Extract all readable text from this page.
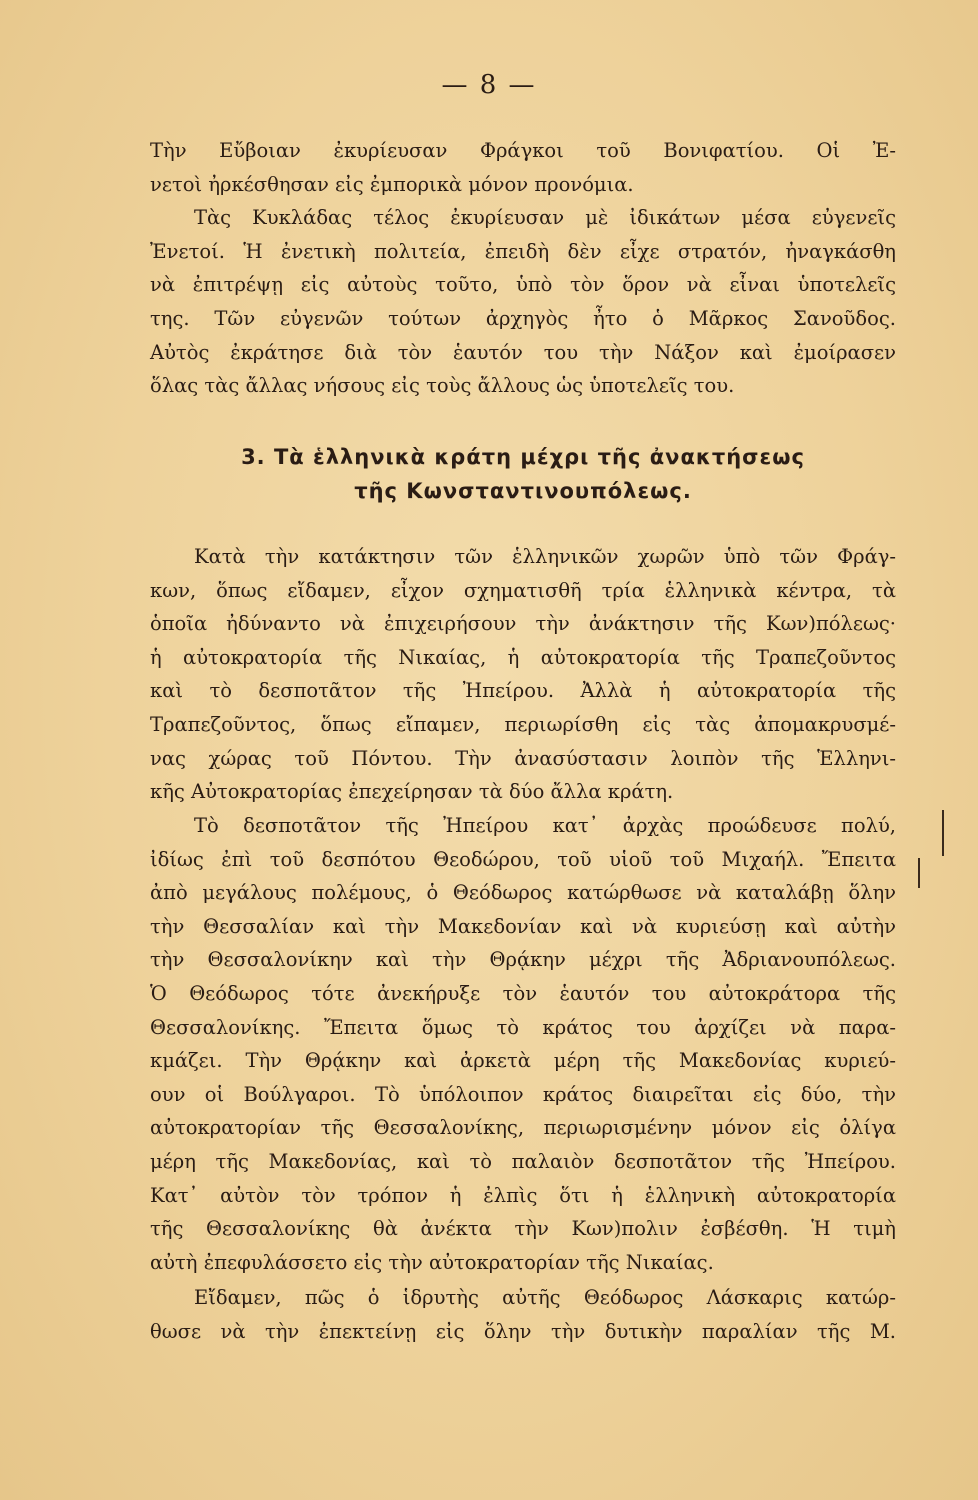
— 8 —
Τὴν Εὔβοιαν ἐκυρίευσαν Φράγκοι τοῦ Βονιφατίου. Οἱ Ἐ-
νετοὶ ἠρκέσθησαν εἰς ἐμπορικὰ μόνον προνόμια.
Τὰς Κυκλάδας τέλος ἐκυρίευσαν μὲ ἰδικάτων μέσα εὐγενεῖς
Ἐνετοί. Ἡ ἐνετικὴ πολιτεία, ἐπειδὴ δὲν εἶχε στρατόν, ἠναγκάσθη
νὰ ἐπιτρέψῃ εἰς αὐτοὺς τοῦτο, ὑπὸ τὸν ὅρον νὰ εἶναι ὑποτελεῖς
της. Τῶν εὐγενῶν τούτων ἀρχηγὸς ἦτο ὁ Μᾶρκος Σανοῦδος.
Αὐτὸς ἐκράτησε διὰ τὸν ἑαυτόν του τὴν Νάξον καὶ ἐμοίρασεν
ὅλας τὰς ἄλλας νήσους εἰς τοὺς ἄλλους ὡς ὑποτελεῖς του.
3. Τὰ ἑλληνικὰ κράτη μέχρι τῆς ἀνακτήσεως
τῆς Κωνσταντινουπόλεως.
Κατὰ τὴν κατάκτησιν τῶν ἑλληνικῶν χωρῶν ὑπὸ τῶν Φράγ-
κων, ὅπως εἴδαμεν, εἶχον σχηματισθῆ τρία ἑλληνικὰ κέντρα, τὰ
ὁποῖα ἠδύναντο νὰ ἐπιχειρήσουν τὴν ἀνάκτησιν τῆς Κων)πόλεως·
ἡ αὐτοκρατορία τῆς Νικαίας, ἡ αὐτοκρατορία τῆς Τραπεζοῦντος
καὶ τὸ δεσποτᾶτον τῆς Ἠπείρου. Ἀλλὰ ἡ αὐτοκρατορία τῆς
Τραπεζοῦντος, ὅπως εἴπαμεν, περιωρίσθη εἰς τὰς ἀπομακρυσμέ-
νας χώρας τοῦ Πόντου. Τὴν ἀνασύστασιν λοιπὸν τῆς Ἑλληνι-
κῆς Αὐτοκρατορίας ἐπεχείρησαν τὰ δύο ἄλλα κράτη.
Τὸ δεσποτᾶτον τῆς Ἠπείρου κατ᾽ ἀρχὰς προώδευσε πολύ,
ἰδίως ἐπὶ τοῦ δεσπότου Θεοδώρου, τοῦ υἱοῦ τοῦ Μιχαήλ. Ἔπειτα
ἀπὸ μεγάλους πολέμους, ὁ Θεόδωρος κατώρθωσε νὰ καταλάβῃ ὅλην
τὴν Θεσσαλίαν καὶ τὴν Μακεδονίαν καὶ νὰ κυριεύσῃ καὶ αὐτὴν
τὴν Θεσσαλονίκην καὶ τὴν Θρᾴκην μέχρι τῆς Ἀδριανουπόλεως.
Ὁ Θεόδωρος τότε ἀνεκήρυξε τὸν ἑαυτόν του αὐτοκράτορα τῆς
Θεσσαλονίκης. Ἔπειτα ὅμως τὸ κράτος του ἀρχίζει νὰ παρα-
κμάζει. Τὴν Θρᾴκην καὶ ἀρκετὰ μέρη τῆς Μακεδονίας κυριεύ-
ουν οἱ Βούλγαροι. Τὸ ὑπόλοιπον κράτος διαιρεῖται εἰς δύο, τὴν
αὐτοκρατορίαν τῆς Θεσσαλονίκης, περιωρισμένην μόνον εἰς ὀλίγα
μέρη τῆς Μακεδονίας, καὶ τὸ παλαιὸν δεσποτᾶτον τῆς Ἠπείρου.
Κατ᾽ αὐτὸν τὸν τρόπον ἡ ἐλπὶς ὅτι ἡ ἑλληνικὴ αὐτοκρατορία
τῆς Θεσσαλονίκης θὰ ἀνέκτα τὴν Κων)πολιν ἐσβέσθη. Ἡ τιμὴ
αὐτὴ ἐπεφυλάσσετο εἰς τὴν αὐτοκρατορίαν τῆς Νικαίας.
Εἴδαμεν, πῶς ὁ ἱδρυτὴς αὐτῆς Θεόδωρος Λάσκαρις κατώρ-
θωσε νὰ τὴν ἐπεκτείνῃ εἰς ὅλην τὴν δυτικὴν παραλίαν τῆς Μ.
